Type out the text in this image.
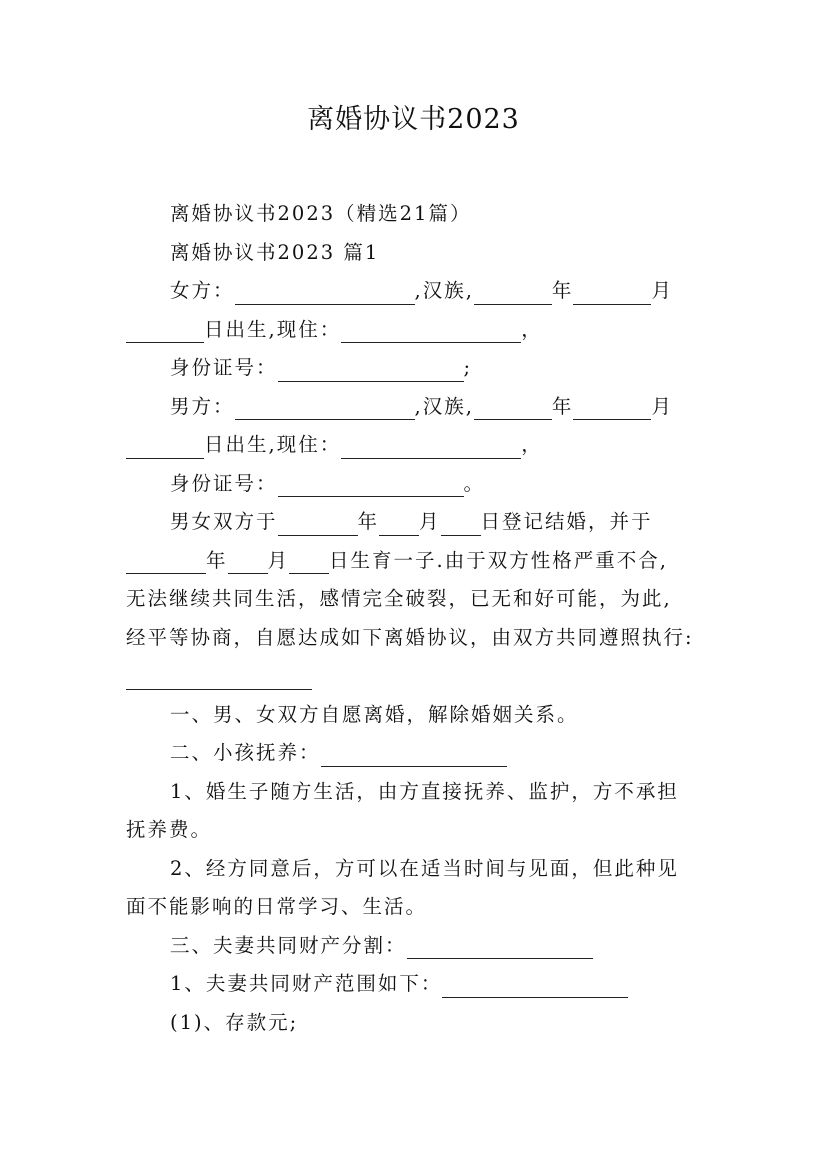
离婚协议书2023
离婚协议书2023（精选21篇）
离婚协议书2023 篇1
女方：	,汉族,	年	月
日出生,现住：	，
身份证号：	;
男方：	,汉族,	年	月
日出生,现住：	，
身份证号：	。
男女双方于	年 月 日登记结婚，并于
年 月 日生育一子.由于双方性格严重不合,
无法继续共同生活，感情完全破裂，已无和好可能，为此,
经平等协商，自愿达成如下离婚协议，由双方共同遵照执行:
一、男、女双方自愿离婚，解除婚姻关系。
二、小孩抚养：
1、婚生子随方生活，由方直接抚养、监护，方不承担
抚养费。
2、经方同意后，方可以在适当时间与见面，但此种见
面不能影响的日常学习、生活。
三、夫妻共同财产分割：
1、夫妻共同财产范围如下：
(1)、存款元;
